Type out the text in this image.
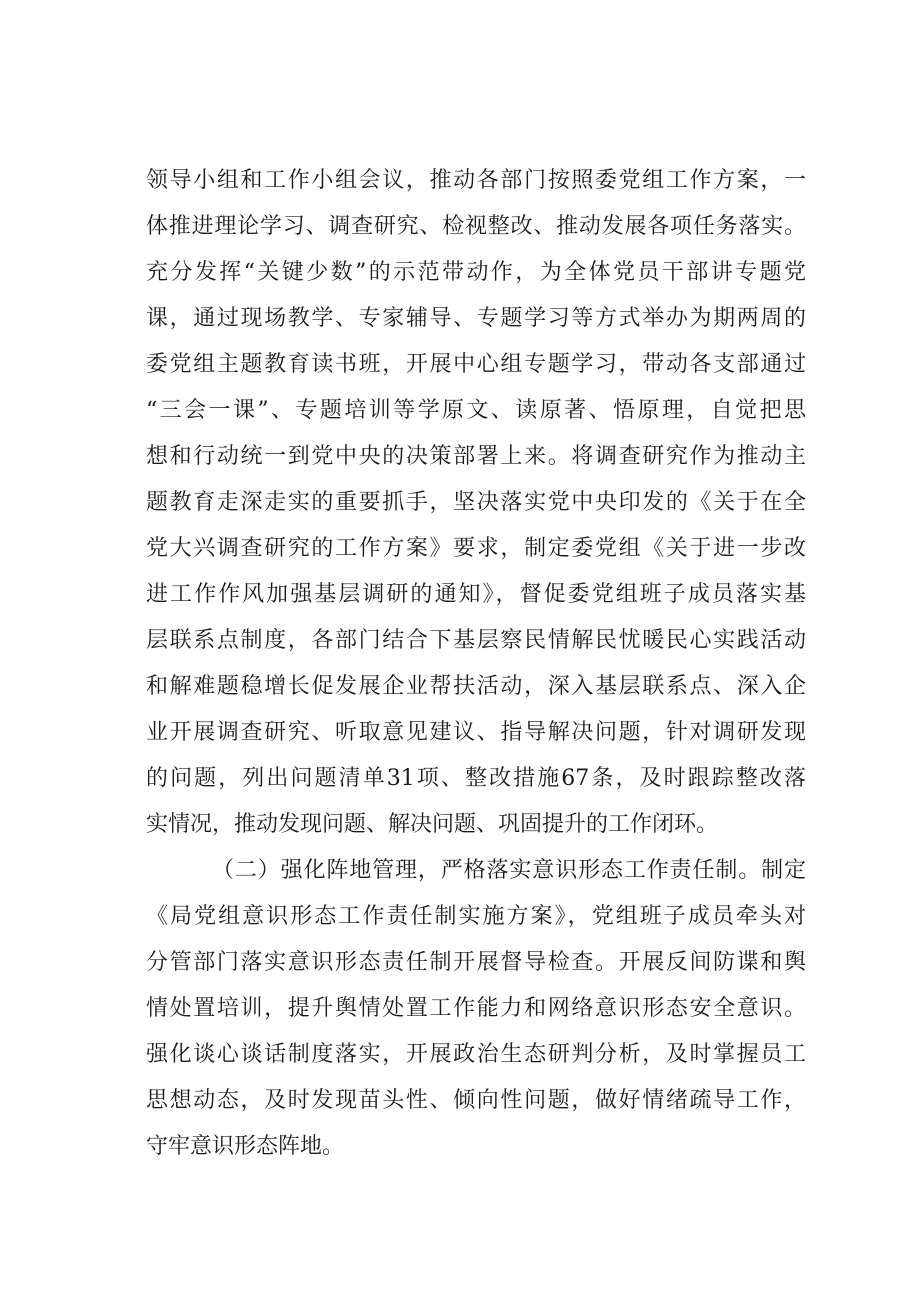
领导小组和工作小组会议，推动各部门按照委党组工作方案，一
体推进理论学习、调查研究、检视整改、推动发展各项任务落实。
充分发挥“关键少数”的示范带动作，为全体党员干部讲专题党
课，通过现场教学、专家辅导、专题学习等方式举办为期两周的
委党组主题教育读书班，开展中心组专题学习，带动各支部通过
“三会一课”、专题培训等学原文、读原著、悟原理，自觉把思
想和行动统一到党中央的决策部署上来。将调查研究作为推动主
题教育走深走实的重要抓手，坚决落实党中央印发的《关于在全
党大兴调查研究的工作方案》要求，制定委党组《关于进一步改
进工作作风加强基层调研的通知》，督促委党组班子成员落实基
层联系点制度，各部门结合下基层察民情解民忧暖民心实践活动
和解难题稳增长促发展企业帮扶活动，深入基层联系点、深入企
业开展调查研究、听取意见建议、指导解决问题，针对调研发现
的问题，列出问题清单31项、整改措施67条，及时跟踪整改落
实情况，推动发现问题、解决问题、巩固提升的工作闭环。
（二）强化阵地管理，严格落实意识形态工作责任制。制定
《局党组意识形态工作责任制实施方案》，党组班子成员牵头对
分管部门落实意识形态责任制开展督导检查。开展反间防谍和舆
情处置培训，提升舆情处置工作能力和网络意识形态安全意识。
强化谈心谈话制度落实，开展政治生态研判分析，及时掌握员工
思想动态，及时发现苗头性、倾向性问题，做好情绪疏导工作，
守牢意识形态阵地。
